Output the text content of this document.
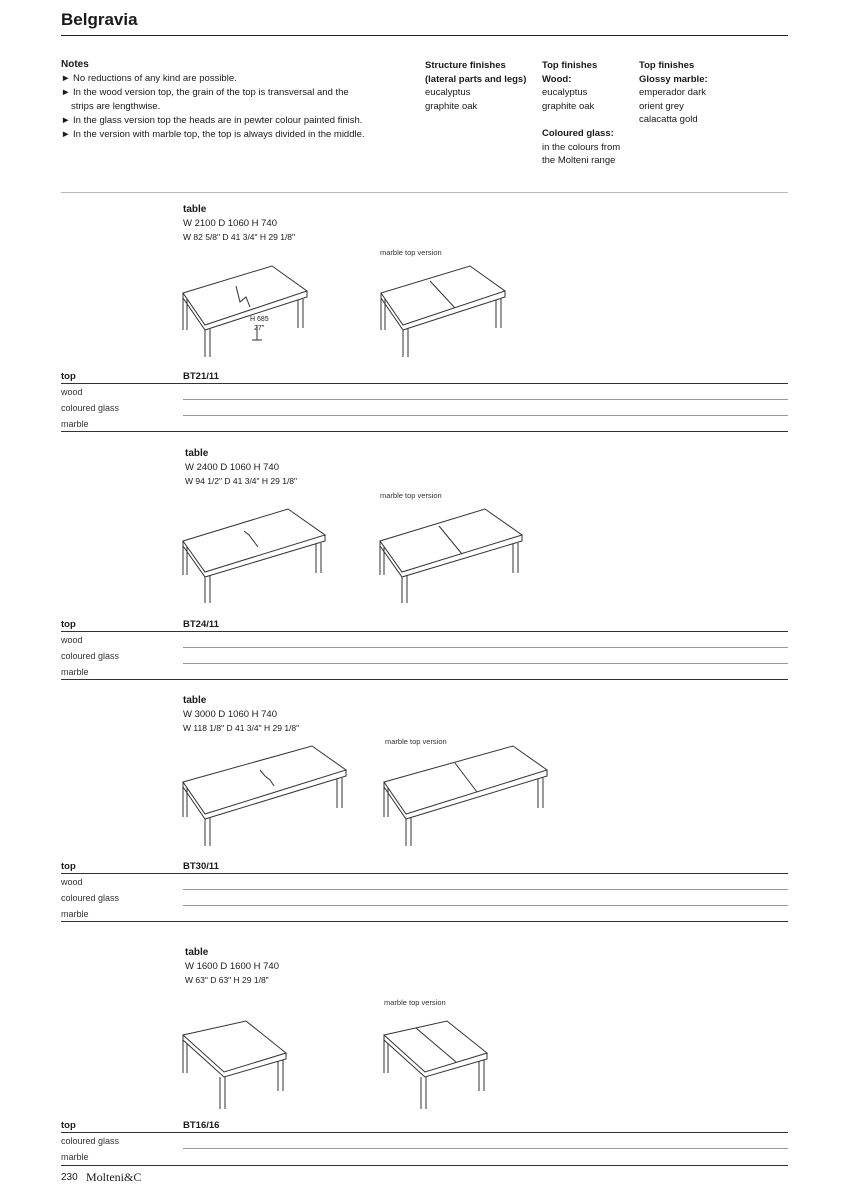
Belgravia
Notes
► No reductions of any kind are possible.
► In the wood version top, the grain of the top is transversal and the
strips are lengthwise.
► In the glass version top the heads are in pewter colour painted finish.
► In the version with marble top, the top is always divided in the middle.
Structure finishes
(lateral parts and legs)
eucalyptus
graphite oak
Top finishes
Wood:
eucalyptus
graphite oak
Coloured glass:
in the colours from
the Molteni range
Top finishes
Glossy marble:
emperador dark
orient grey
calacatta gold
table
W 2100 D 1060 H 740
W 82 5/8" D 41 3/4" H 29 1/8"
marble top version
H 685
27"
top	BT21/11
wood
coloured glass
marble
table
W 2400 D 1060 H 740
W 94 1/2" D 41 3/4" H 29 1/8"
marble top version
top	BT24/11
wood
coloured glass
marble
table
W 3000 D 1060 H 740
W 118 1/8" D 41 3/4" H 29 1/8"
marble top version
top	BT30/11
wood
coloured glass
marble
table
W 1600 D 1600 H 740
W 63" D 63" H 29 1/8"
marble top version
top	BT16/16
coloured glass
marble
230 Molteni&C
